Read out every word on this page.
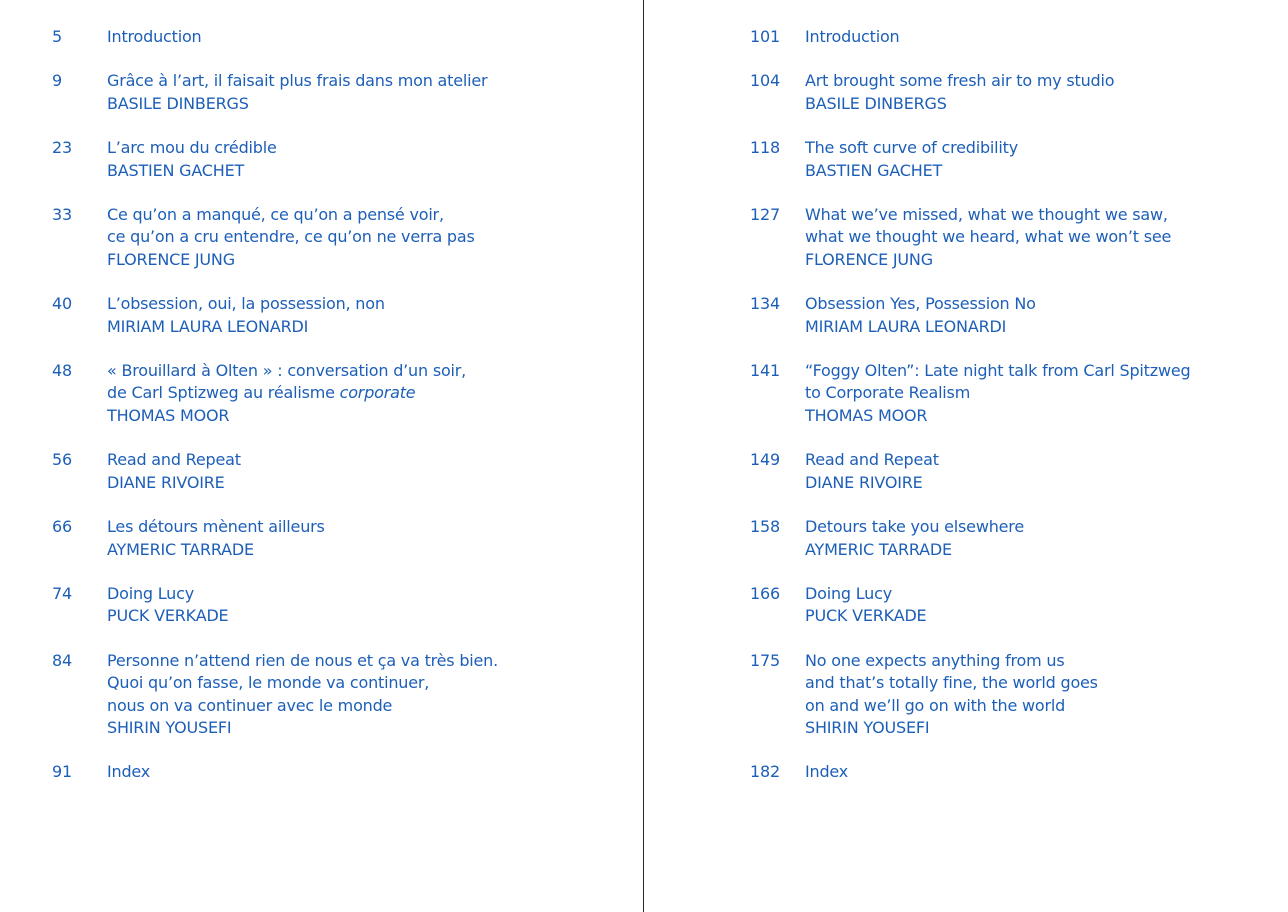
5	Introduction
9	Grâce à l’art, il faisait plus frais dans mon atelier
BASILE DINBERGS
23 L’arc mou du crédible
BASTIEN GACHET
33 Ce qu’on a manqué, ce qu’on a pensé voir,
ce qu’on a cru entendre, ce qu’on ne verra pas
FLORENCE JUNG
40 L’obsession, oui, la possession, non
MIRIAM LAURA LEONARDI
48 « Brouillard à Olten » : conversation d’un soir,
de Carl Sptizweg au réalisme corporate
THOMAS MOOR
56 Read and Repeat
DIANE RIVOIRE
66 Les détours mènent ailleurs
AYMERIC TARRADE
74 Doing Lucy
PUCK VERKADE
84 Personne n’attend rien de nous et ça va très bien.
Quoi qu’on fasse, le monde va continuer,
nous on va continuer avec le monde
SHIRIN YOUSEFI
91 Index
101 Introduction
104 Art brought some fresh air to my studio
BASILE DINBERGS
118 The soft curve of credibility
BASTIEN GACHET
127 What we’ve missed, what we thought we saw,
what we thought we heard, what we won’t see
FLORENCE JUNG
134 Obsession Yes, Possession No
MIRIAM LAURA LEONARDI
141 “Foggy Olten”: Late night talk from Carl Spitzweg
to Corporate Realism
THOMAS MOOR
149 Read and Repeat
DIANE RIVOIRE
158 Detours take you elsewhere
AYMERIC TARRADE
166 Doing Lucy
PUCK VERKADE
175 No one expects anything from us
and that’s totally fine, the world goes
on and we’ll go on with the world
SHIRIN YOUSEFI
182 Index
